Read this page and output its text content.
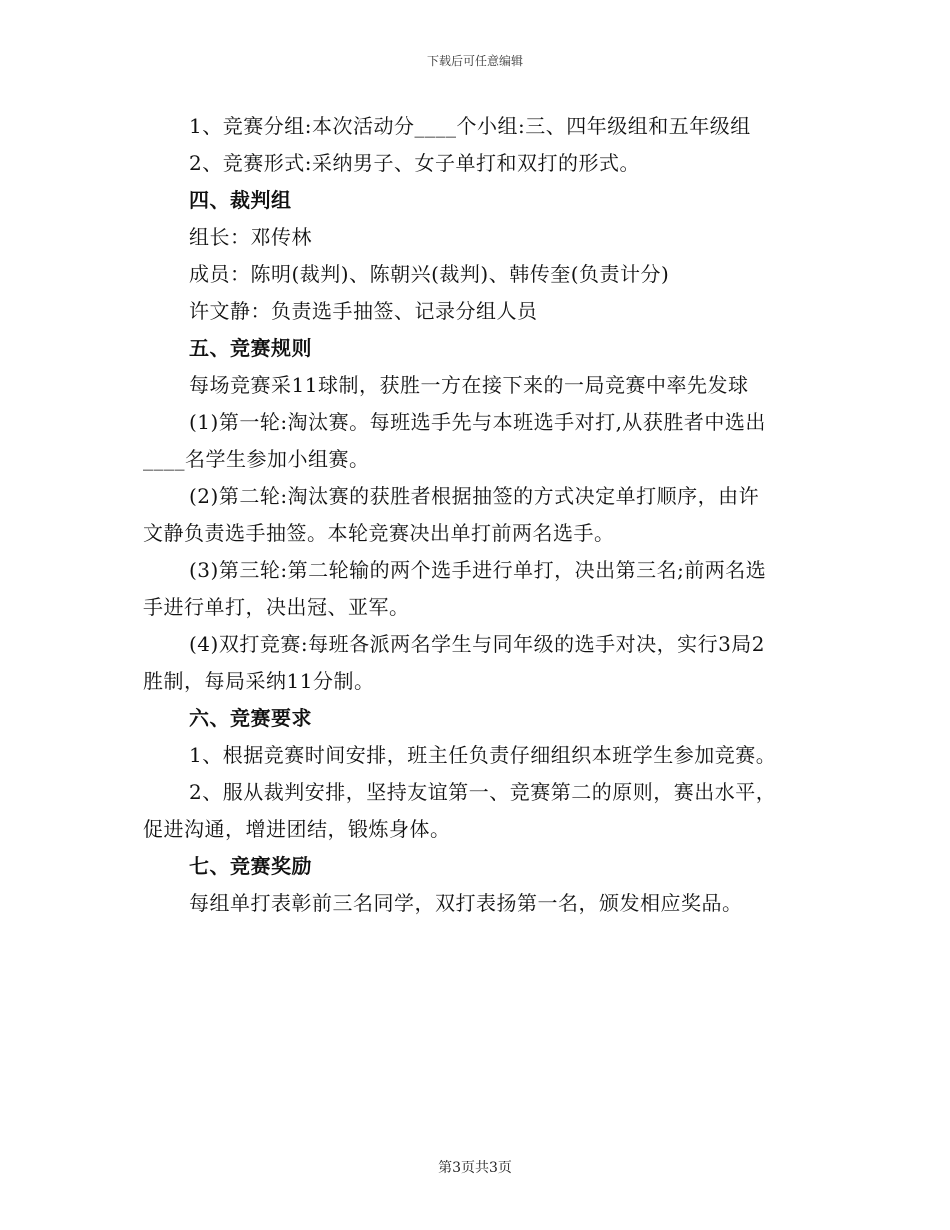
下载后可任意编辑
1、竞赛分组:本次活动分____个小组:三、四年级组和五年级组
2、竞赛形式:采纳男子、女子单打和双打的形式。
四、裁判组
组长：邓传林
成员：陈明(裁判)、陈朝兴(裁判)、韩传奎(负责计分)
许文静：负责选手抽签、记录分组人员
五、竞赛规则
每场竞赛采11球制，获胜一方在接下来的一局竞赛中率先发球
(1)第一轮:淘汰赛。每班选手先与本班选手对打,从获胜者中选出
____名学生参加小组赛。
(2)第二轮:淘汰赛的获胜者根据抽签的方式决定单打顺序，由许
文静负责选手抽签。本轮竞赛决出单打前两名选手。
(3)第三轮:第二轮输的两个选手进行单打，决出第三名;前两名选
手进行单打，决出冠、亚军。
(4)双打竞赛:每班各派两名学生与同年级的选手对决，实行3局2
胜制，每局采纳11分制。
六、竞赛要求
1、根据竞赛时间安排，班主任负责仔细组织本班学生参加竞赛。
2、服从裁判安排，坚持友谊第一、竞赛第二的原则，赛出水平，
促进沟通，增进团结，锻炼身体。
七、竞赛奖励
每组单打表彰前三名同学，双打表扬第一名，颁发相应奖品。
第3页共3页
